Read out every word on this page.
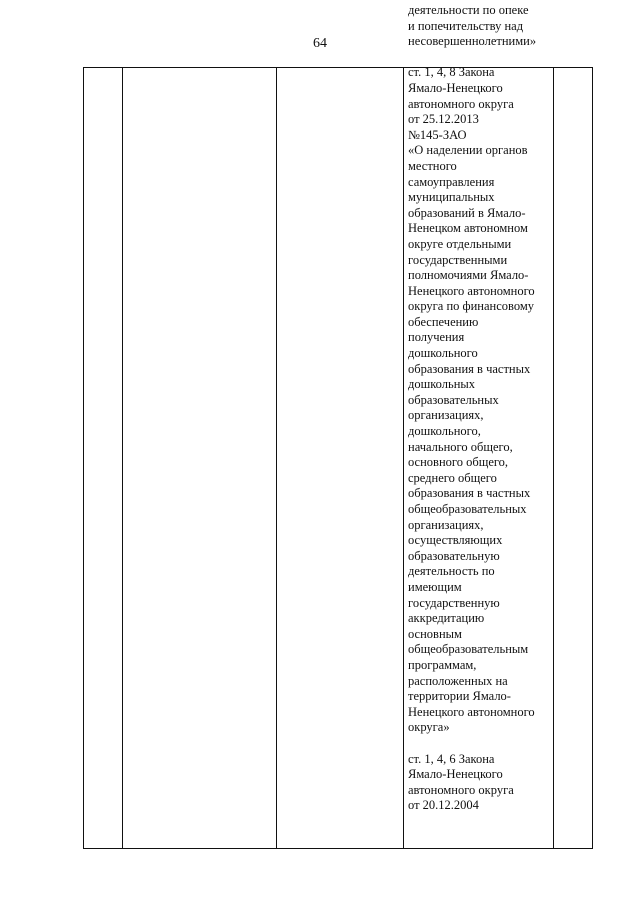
64
деятельности по опеке
и попечительству над
несовершеннолетними»
ст. 1, 4, 8 Закона
Ямало-Ненецкого
автономного округа
от 25.12.2013
№145-ЗАО
«О наделении органов
местного
самоуправления
муниципальных
образований в Ямало-
Ненецком автономном
округе отдельными
государственными
полномочиями Ямало-
Ненецкого автономного
округа по финансовому
обеспечению
получения
дошкольного
образования в частных
дошкольных
образовательных
организациях,
дошкольного,
начального общего,
основного общего,
среднего общего
образования в частных
общеобразовательных
организациях,
осуществляющих
образовательную
деятельность по
имеющим
государственную
аккредитацию
основным
общеобразовательным
программам,
расположенных на
территории Ямало-
Ненецкого автономного
округа»
ст. 1, 4, 6 Закона
Ямало-Ненецкого
автономного округа
от 20.12.2004
